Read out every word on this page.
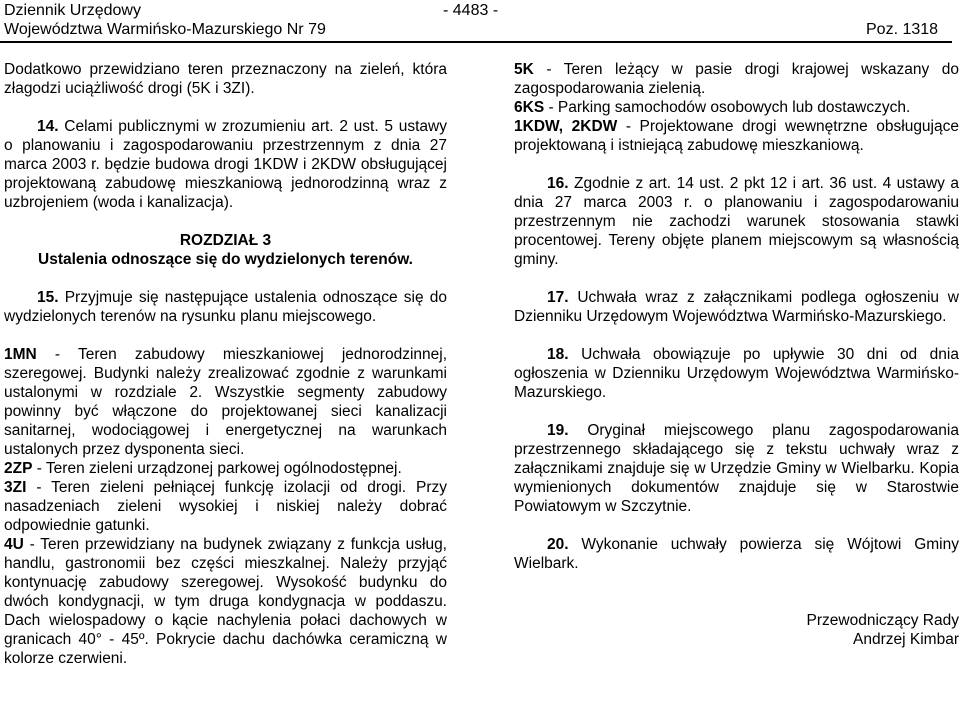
Dziennik Urzędowy
Województwa Warmińsko-Mazurskiego Nr 79
- 4483 -
Poz. 1318

Dodatkowo przewidziano teren przeznaczony na zieleń, która złagodzi uciążliwość drogi (5K i 3ZI).

14. Celami publicznymi w zrozumieniu art. 2 ust. 5 ustawy o planowaniu i zagospodarowaniu przestrzennym z dnia 27 marca 2003 r. będzie budowa drogi 1KDW i 2KDW obsługującej projektowaną zabudowę mieszkaniową jednorodzinną wraz z uzbrojeniem (woda i kanalizacja).

ROZDZIAŁ 3

Ustalenia odnoszące się do wydzielonych terenów.

15. Przyjmuje się następujące ustalenia odnoszące się do wydzielonych terenów na rysunku planu miejscowego.

1MN - Teren zabudowy mieszkaniowej jednorodzinnej, szeregowej. Budynki należy zrealizować zgodnie z warunkami ustalonymi w rozdziale 2. Wszystkie segmenty zabudowy powinny być włączone do projektowanej sieci kanalizacji sanitarnej, wodociągowej i energetycznej na warunkach ustalonych przez dysponenta sieci.

2ZP - Teren zieleni urządzonej parkowej ogólnodostępnej.

3ZI - Teren zieleni pełniącej funkcję izolacji od drogi. Przy nasadzeniach zieleni wysokiej i niskiej należy dobrać odpowiednie gatunki.

4U - Teren przewidziany na budynek związany z funkcja usług, handlu, gastronomii bez części mieszkalnej. Należy przyjąć kontynuację zabudowy szeregowej. Wysokość budynku do dwóch kondygnacji, w tym druga kondygnacja w poddaszu. Dach wielospadowy o kącie nachylenia połaci dachowych w granicach 40° - 45º. Pokrycie dachu dachówka ceramiczną w kolorze czerwieni.

5K - Teren leżący w pasie drogi krajowej wskazany do zagospodarowania zielenią.

6KS - Parking samochodów osobowych lub dostawczych.

1KDW, 2KDW - Projektowane drogi wewnętrzne obsługujące projektowaną i istniejącą zabudowę mieszkaniową.

16. Zgodnie z art. 14 ust. 2 pkt 12 i art. 36 ust. 4 ustawy a dnia 27 marca 2003 r. o planowaniu i zagospodarowaniu przestrzennym nie zachodzi warunek stosowania stawki procentowej. Tereny objęte planem miejscowym są własnością gminy.

17. Uchwała wraz z załącznikami podlega ogłoszeniu w Dzienniku Urzędowym Województwa Warmińsko-Mazurskiego.

18. Uchwała obowiązuje po upływie 30 dni od dnia ogłoszenia w Dzienniku Urzędowym Województwa Warmińsko-Mazurskiego.

19. Oryginał miejscowego planu zagospodarowania przestrzennego składającego się z tekstu uchwały wraz z załącznikami znajduje się w Urzędzie Gminy w Wielbarku. Kopia wymienionych dokumentów znajduje się w Starostwie Powiatowym w Szczytnie.

20. Wykonanie uchwały powierza się Wójtowi Gminy Wielbark.

Przewodniczący Rady

Andrzej Kimbar
